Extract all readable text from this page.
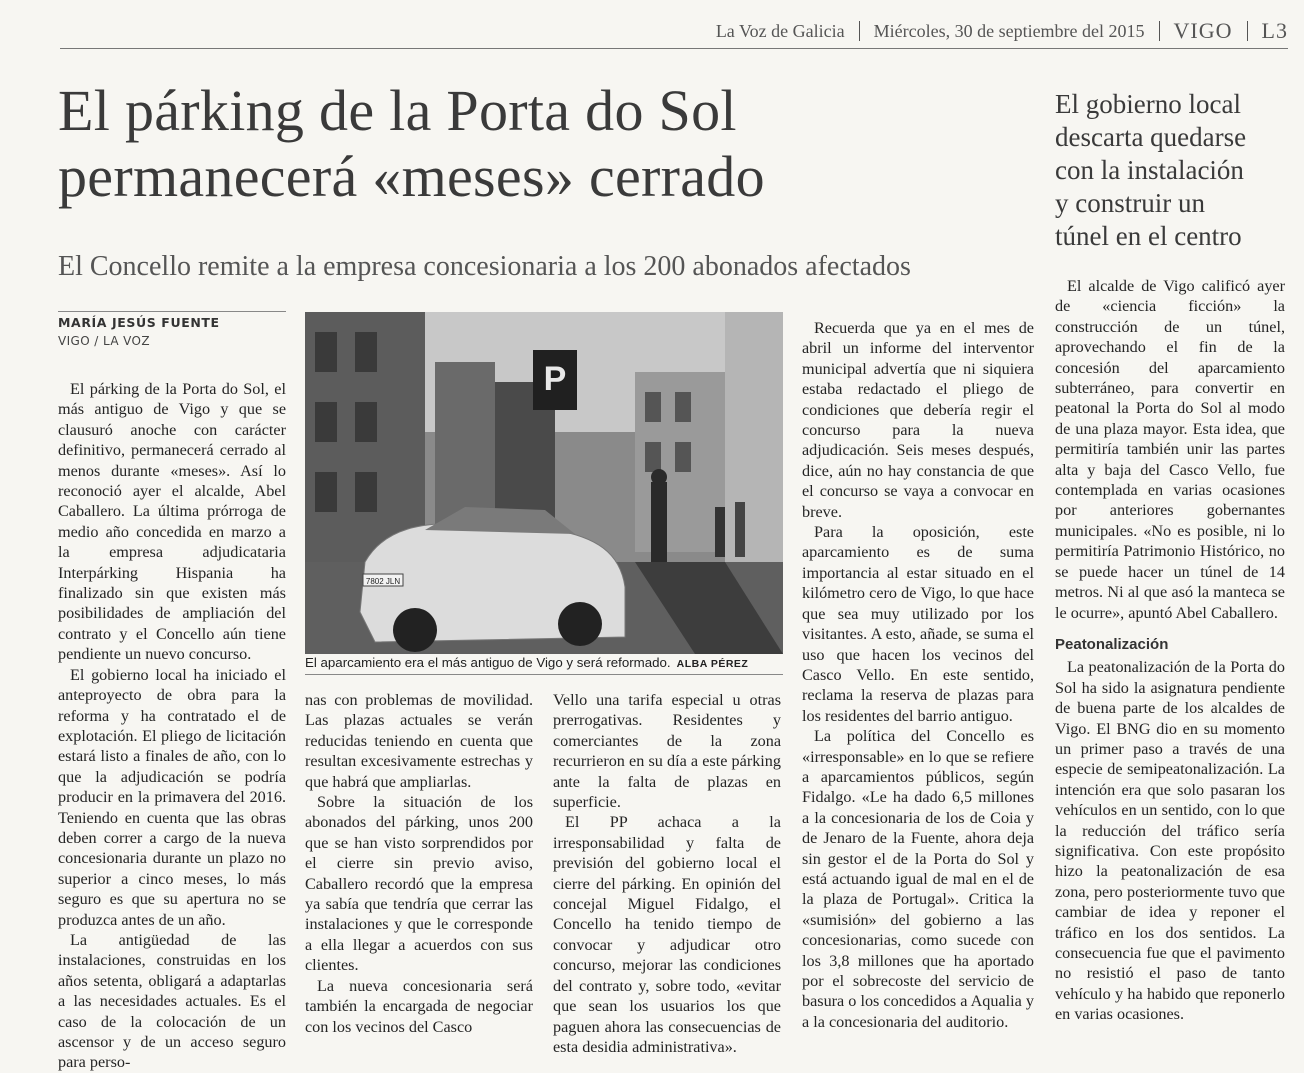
La Voz de Galicia Miércoles, 30 de septiembre del 2015 VIGO L3
El párking de la Porta do Sol
permanecerá «meses» cerrado
El gobierno local
descarta quedarse
con la instalación
y construir un
túnel en el centro
El Concello remite a la empresa concesionaria a los 200 abonados afectados
MARÍA JESÚS FUENTE
VIGO / LA VOZ

El párking de la Porta do Sol, el más antiguo de Vigo y que se clausuró anoche con carácter definitivo, permanecerá cerrado al menos durante «meses». Así lo reconoció ayer el alcalde, Abel Caballero. La última prórroga de medio año concedida en marzo a la empresa adjudicataria Interpárking Hispania ha finalizado sin que existen más posibilidades de ampliación del contrato y el Concello aún tiene pendiente un nuevo concurso.

El gobierno local ha iniciado el anteproyecto de obra para la reforma y ha contratado el de explotación. El pliego de licitación estará listo a finales de año, con lo que la adjudicación se podría producir en la primavera del 2016. Teniendo en cuenta que las obras deben correr a cargo de la nueva concesionaria durante un plazo no superior a cinco meses, lo más seguro es que su apertura no se produzca antes de un año.

La antigüedad de las instalaciones, construidas en los años setenta, obligará a adaptarlas a las necesidades actuales. Es el caso de la colocación de un ascensor y de un acceso seguro para perso-

P
7802 JLN
El aparcamiento era el más antiguo de Vigo y será reformado. ALBA PÉREZ

nas con problemas de movilidad. Las plazas actuales se verán reducidas teniendo en cuenta que resultan excesivamente estrechas y que habrá que ampliarlas.

Sobre la situación de los abonados del párking, unos 200 que se han visto sorprendidos por el cierre sin previo aviso, Caballero recordó que la empresa ya sabía que tendría que cerrar las instalaciones y que le corresponde a ella llegar a acuerdos con sus clientes.

La nueva concesionaria será también la encargada de negociar con los vecinos del Casco

Vello una tarifa especial u otras prerrogativas. Residentes y comerciantes de la zona recurrieron en su día a este párking ante la falta de plazas en superficie.

El PP achaca a la irresponsabilidad y falta de previsión del gobierno local el cierre del párking. En opinión del concejal Miguel Fidalgo, el Concello ha tenido tiempo de convocar y adjudicar otro concurso, mejorar las condiciones del contrato y, sobre todo, «evitar que sean los usuarios los que paguen ahora las consecuencias de esta desidia administrativa».

Recuerda que ya en el mes de abril un informe del interventor municipal advertía que ni siquiera estaba redactado el pliego de condiciones que debería regir el concurso para la nueva adjudicación. Seis meses después, dice, aún no hay constancia de que el concurso se vaya a convocar en breve.

Para la oposición, este aparcamiento es de suma importancia al estar situado en el kilómetro cero de Vigo, lo que hace que sea muy utilizado por los visitantes. A esto, añade, se suma el uso que hacen los vecinos del Casco Vello. En este sentido, reclama la reserva de plazas para los residentes del barrio antiguo.

La política del Concello es «irresponsable» en lo que se refiere a aparcamientos públicos, según Fidalgo. «Le ha dado 6,5 millones a la concesionaria de los de Coia y de Jenaro de la Fuente, ahora deja sin gestor el de la Porta do Sol y está actuando igual de mal en el de la plaza de Portugal». Critica la «sumisión» del gobierno a las concesionarias, como sucede con los 3,8 millones que ha aportado por el sobrecoste del servicio de basura o los concedidos a Aqualia y a la concesionaria del auditorio.

El alcalde de Vigo calificó ayer de «ciencia ficción» la construcción de un túnel, aprovechando el fin de la concesión del aparcamiento subterráneo, para convertir en peatonal la Porta do Sol al modo de una plaza mayor. Esta idea, que permitiría también unir las partes alta y baja del Casco Vello, fue contemplada en varias ocasiones por anteriores gobernantes municipales. «No es posible, ni lo permitiría Patrimonio Histórico, no se puede hacer un túnel de 14 metros. Ni al que asó la manteca se le ocurre», apuntó Abel Caballero.

Peatonalización

La peatonalización de la Porta do Sol ha sido la asignatura pendiente de buena parte de los alcaldes de Vigo. El BNG dio en su momento un primer paso a través de una especie de semipeatonalización. La intención era que solo pasaran los vehículos en un sentido, con lo que la reducción del tráfico sería significativa. Con este propósito hizo la peatonalización de esa zona, pero posteriormente tuvo que cambiar de idea y reponer el tráfico en los dos sentidos. La consecuencia fue que el pavimento no resistió el paso de tanto vehículo y ha habido que reponerlo en varias ocasiones.
